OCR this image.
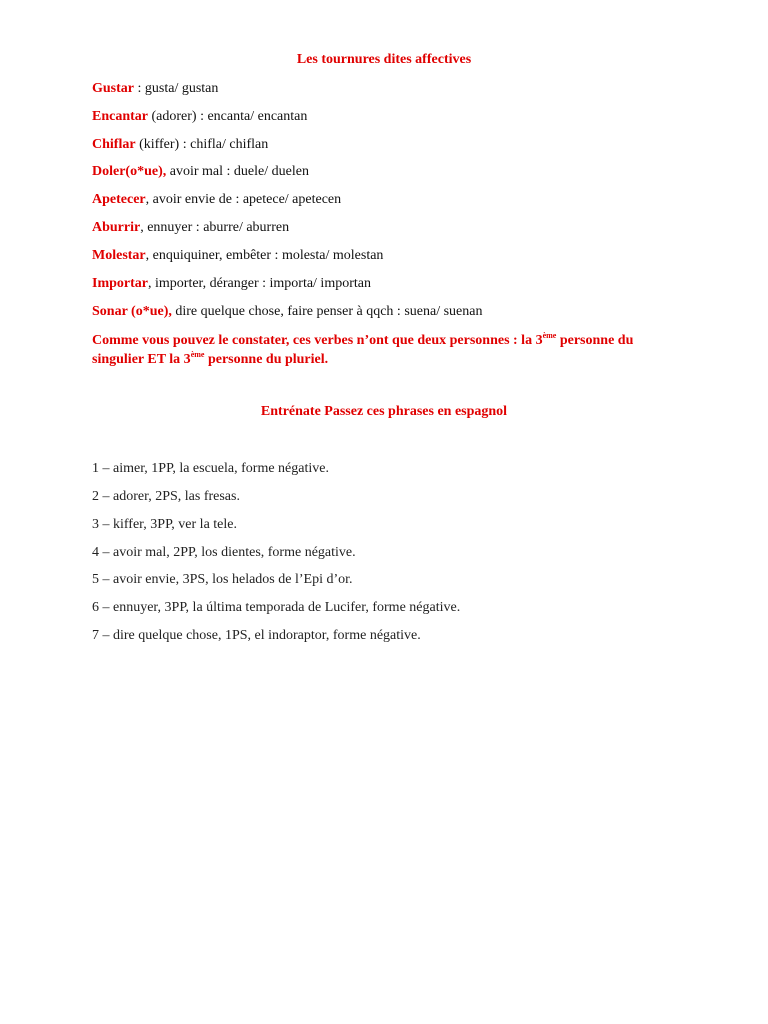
Les tournures dites affectives

Gustar : gusta/ gustan

Encantar (adorer) : encanta/ encantan

Chiflar (kiffer) : chifla/ chiflan

Doler(o*ue), avoir mal : duele/ duelen

Apetecer, avoir envie de : apetece/ apetecen

Aburrir, ennuyer : aburre/ aburren

Molestar, enquiquiner, embêter : molesta/ molestan

Importar, importer, déranger : importa/ importan

Sonar (o*ue), dire quelque chose, faire penser à qqch : suena/ suenan

Comme vous pouvez le constater, ces verbes n’ont que deux personnes : la 3ème personne du singulier ET la 3ème personne du pluriel.

Entrénate Passez ces phrases en espagnol

1 – aimer, 1PP, la escuela, forme négative.

2 – adorer, 2PS, las fresas.

3 – kiffer, 3PP, ver la tele.

4 – avoir mal, 2PP, los dientes, forme négative.

5 – avoir envie, 3PS, los helados de l’Epi d’or.

6 – ennuyer, 3PP, la última temporada de Lucifer, forme négative.

7 – dire quelque chose, 1PS, el indoraptor, forme négative.
